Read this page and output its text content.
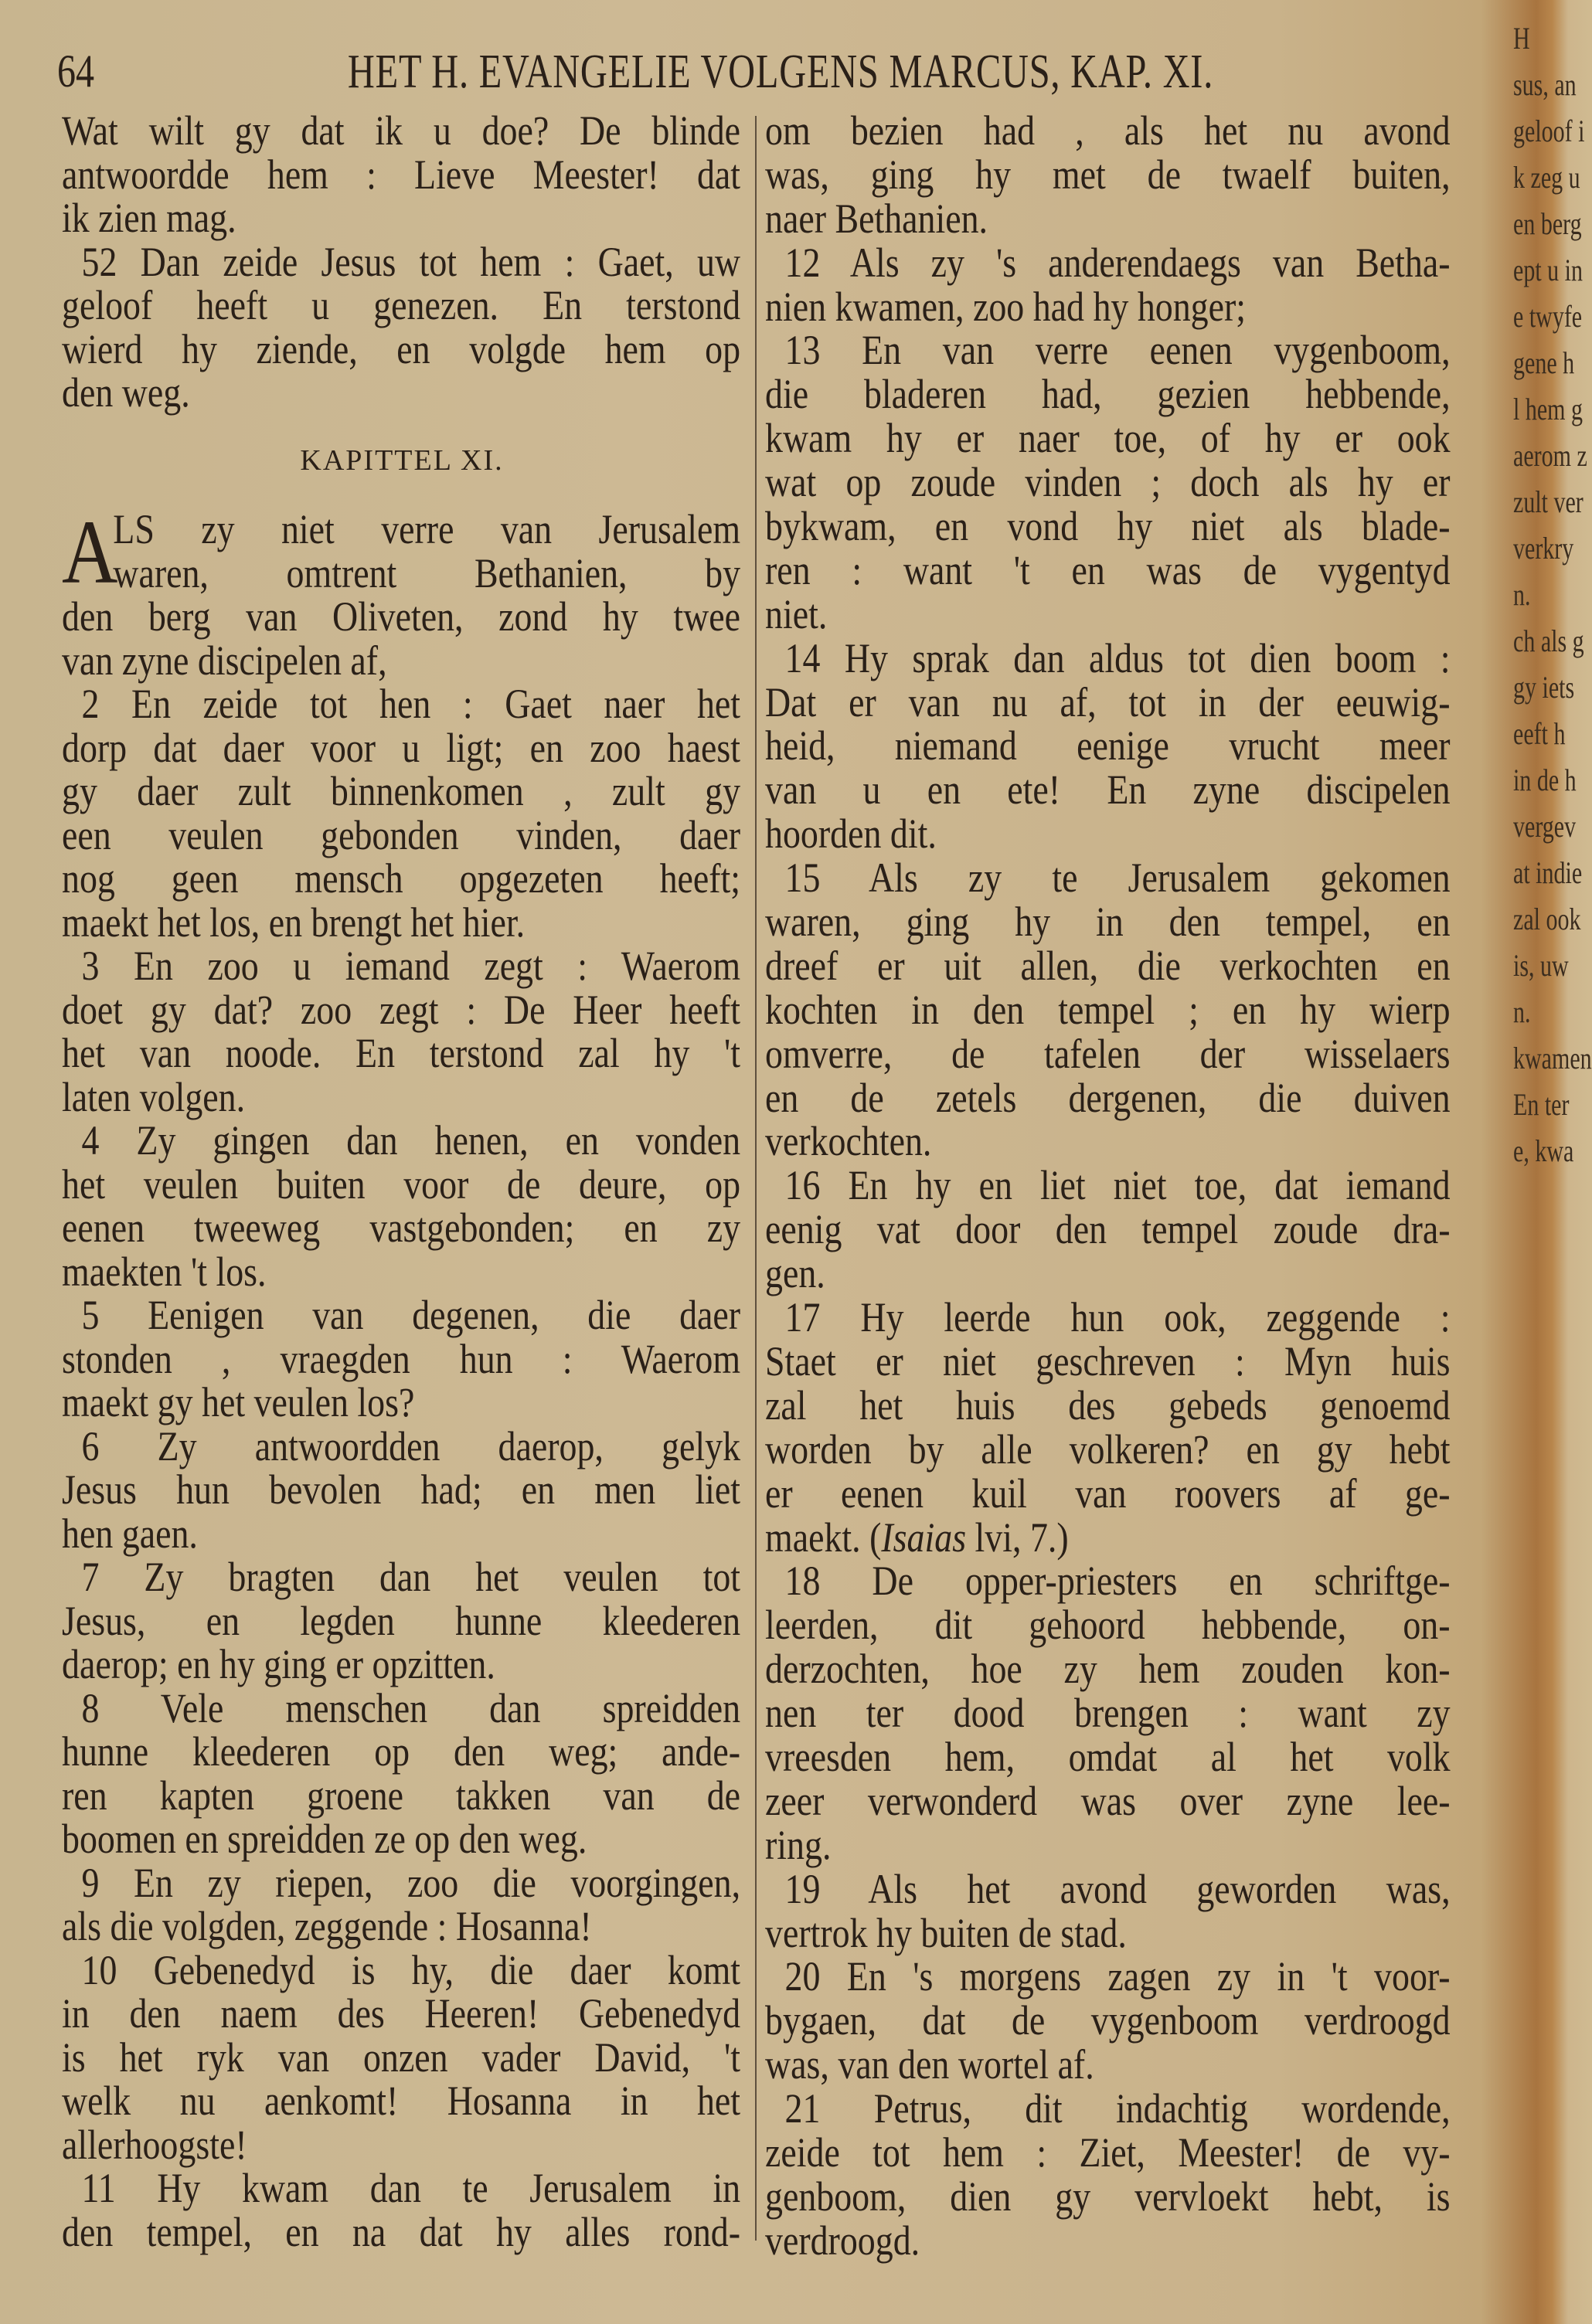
64	HET H. EVANGELIE VOLGENS MARCUS, KAP. XI.
Wat wilt gy dat ik u doe? De blinde
antwoordde hem : Lieve Meester! dat
ik zien mag.
52 Dan zeide Jesus tot hem : Gaet, uw
geloof heeft u genezen. En terstond
wierd hy ziende, en volgde hem op
den weg.
KAPITTEL XI.
A
LS zy niet verre van Jerusalem
waren, omtrent Bethanien, by
den berg van Oliveten, zond hy twee
van zyne discipelen af,
2 En zeide tot hen : Gaet naer het
dorp dat daer voor u ligt; en zoo haest
gy daer zult binnenkomen , zult gy
een veulen gebonden vinden, daer
nog geen mensch opgezeten heeft;
maekt het los, en brengt het hier.
3 En zoo u iemand zegt : Waerom
doet gy dat? zoo zegt : De Heer heeft
het van noode. En terstond zal hy 't
laten volgen.
4 Zy gingen dan henen, en vonden
het veulen buiten voor de deure, op
eenen tweeweg vastgebonden; en zy
maekten 't los.
5 Eenigen van degenen, die daer
stonden , vraegden hun : Waerom
maekt gy het veulen los?
6 Zy antwoordden daerop, gelyk
Jesus hun bevolen had; en men liet
hen gaen.
7 Zy bragten dan het veulen tot
Jesus, en legden hunne kleederen
daerop; en hy ging er opzitten.
8 Vele menschen dan spreidden
hunne kleederen op den weg; ande-
ren kapten groene takken van de
boomen en spreidden ze op den weg.
9 En zy riepen, zoo die voorgingen,
als die volgden, zeggende : Hosanna!
10 Gebenedyd is hy, die daer komt
in den naem des Heeren! Gebenedyd
is het ryk van onzen vader David, 't
welk nu aenkomt! Hosanna in het
allerhoogste!
11 Hy kwam dan te Jerusalem in
den tempel, en na dat hy alles rond-
om bezien had , als het nu avond
was, ging hy met de twaelf buiten,
naer Bethanien.
12 Als zy 's anderendaegs van Betha-
nien kwamen, zoo had hy honger;
13 En van verre eenen vygenboom,
die bladeren had, gezien hebbende,
kwam hy er naer toe, of hy er ook
wat op zoude vinden ; doch als hy er
bykwam, en vond hy niet als blade-
ren : want 't en was de vygentyd
niet.
14 Hy sprak dan aldus tot dien boom :
Dat er van nu af, tot in der eeuwig-
heid, niemand eenige vrucht meer
van u en ete! En zyne discipelen
hoorden dit.
15 Als zy te Jerusalem gekomen
waren, ging hy in den tempel, en
dreef er uit allen, die verkochten en
kochten in den tempel ; en hy wierp
omverre, de tafelen der wisselaers
en de zetels dergenen, die duiven
verkochten.
16 En hy en liet niet toe, dat iemand
eenig vat door den tempel zoude dra-
gen.
17 Hy leerde hun ook, zeggende :
Staet er niet geschreven : Myn huis
zal het huis des gebeds genoemd
worden by alle volkeren? en gy hebt
er eenen kuil van roovers af ge-
maekt. (Isaias lvi, 7.)
18 De opper-priesters en schriftge-
leerden, dit gehoord hebbende, on-
derzochten, hoe zy hem zouden kon-
nen ter dood brengen : want zy
vreesden hem, omdat al het volk
zeer verwonderd was over zyne lee-
ring.
19 Als het avond geworden was,
vertrok hy buiten de stad.
20 En 's morgens zagen zy in 't voor-
bygaen, dat de vygenboom verdroogd
was, van den wortel af.
21 Petrus, dit indachtig wordende,
zeide tot hem : Ziet, Meester! de vy-
genboom, dien gy vervloekt hebt, is
verdroogd.
H
sus, an
geloof i
k zeg u
en berg
ept u in
e twyfe
gene h
l hem g
aerom z
zult ver
verkry
n.
ch als g
gy iets
eeft h
in de h
vergev
at indie
zal ook
is, uw
n.
kwamen
En ter
e, kwa
